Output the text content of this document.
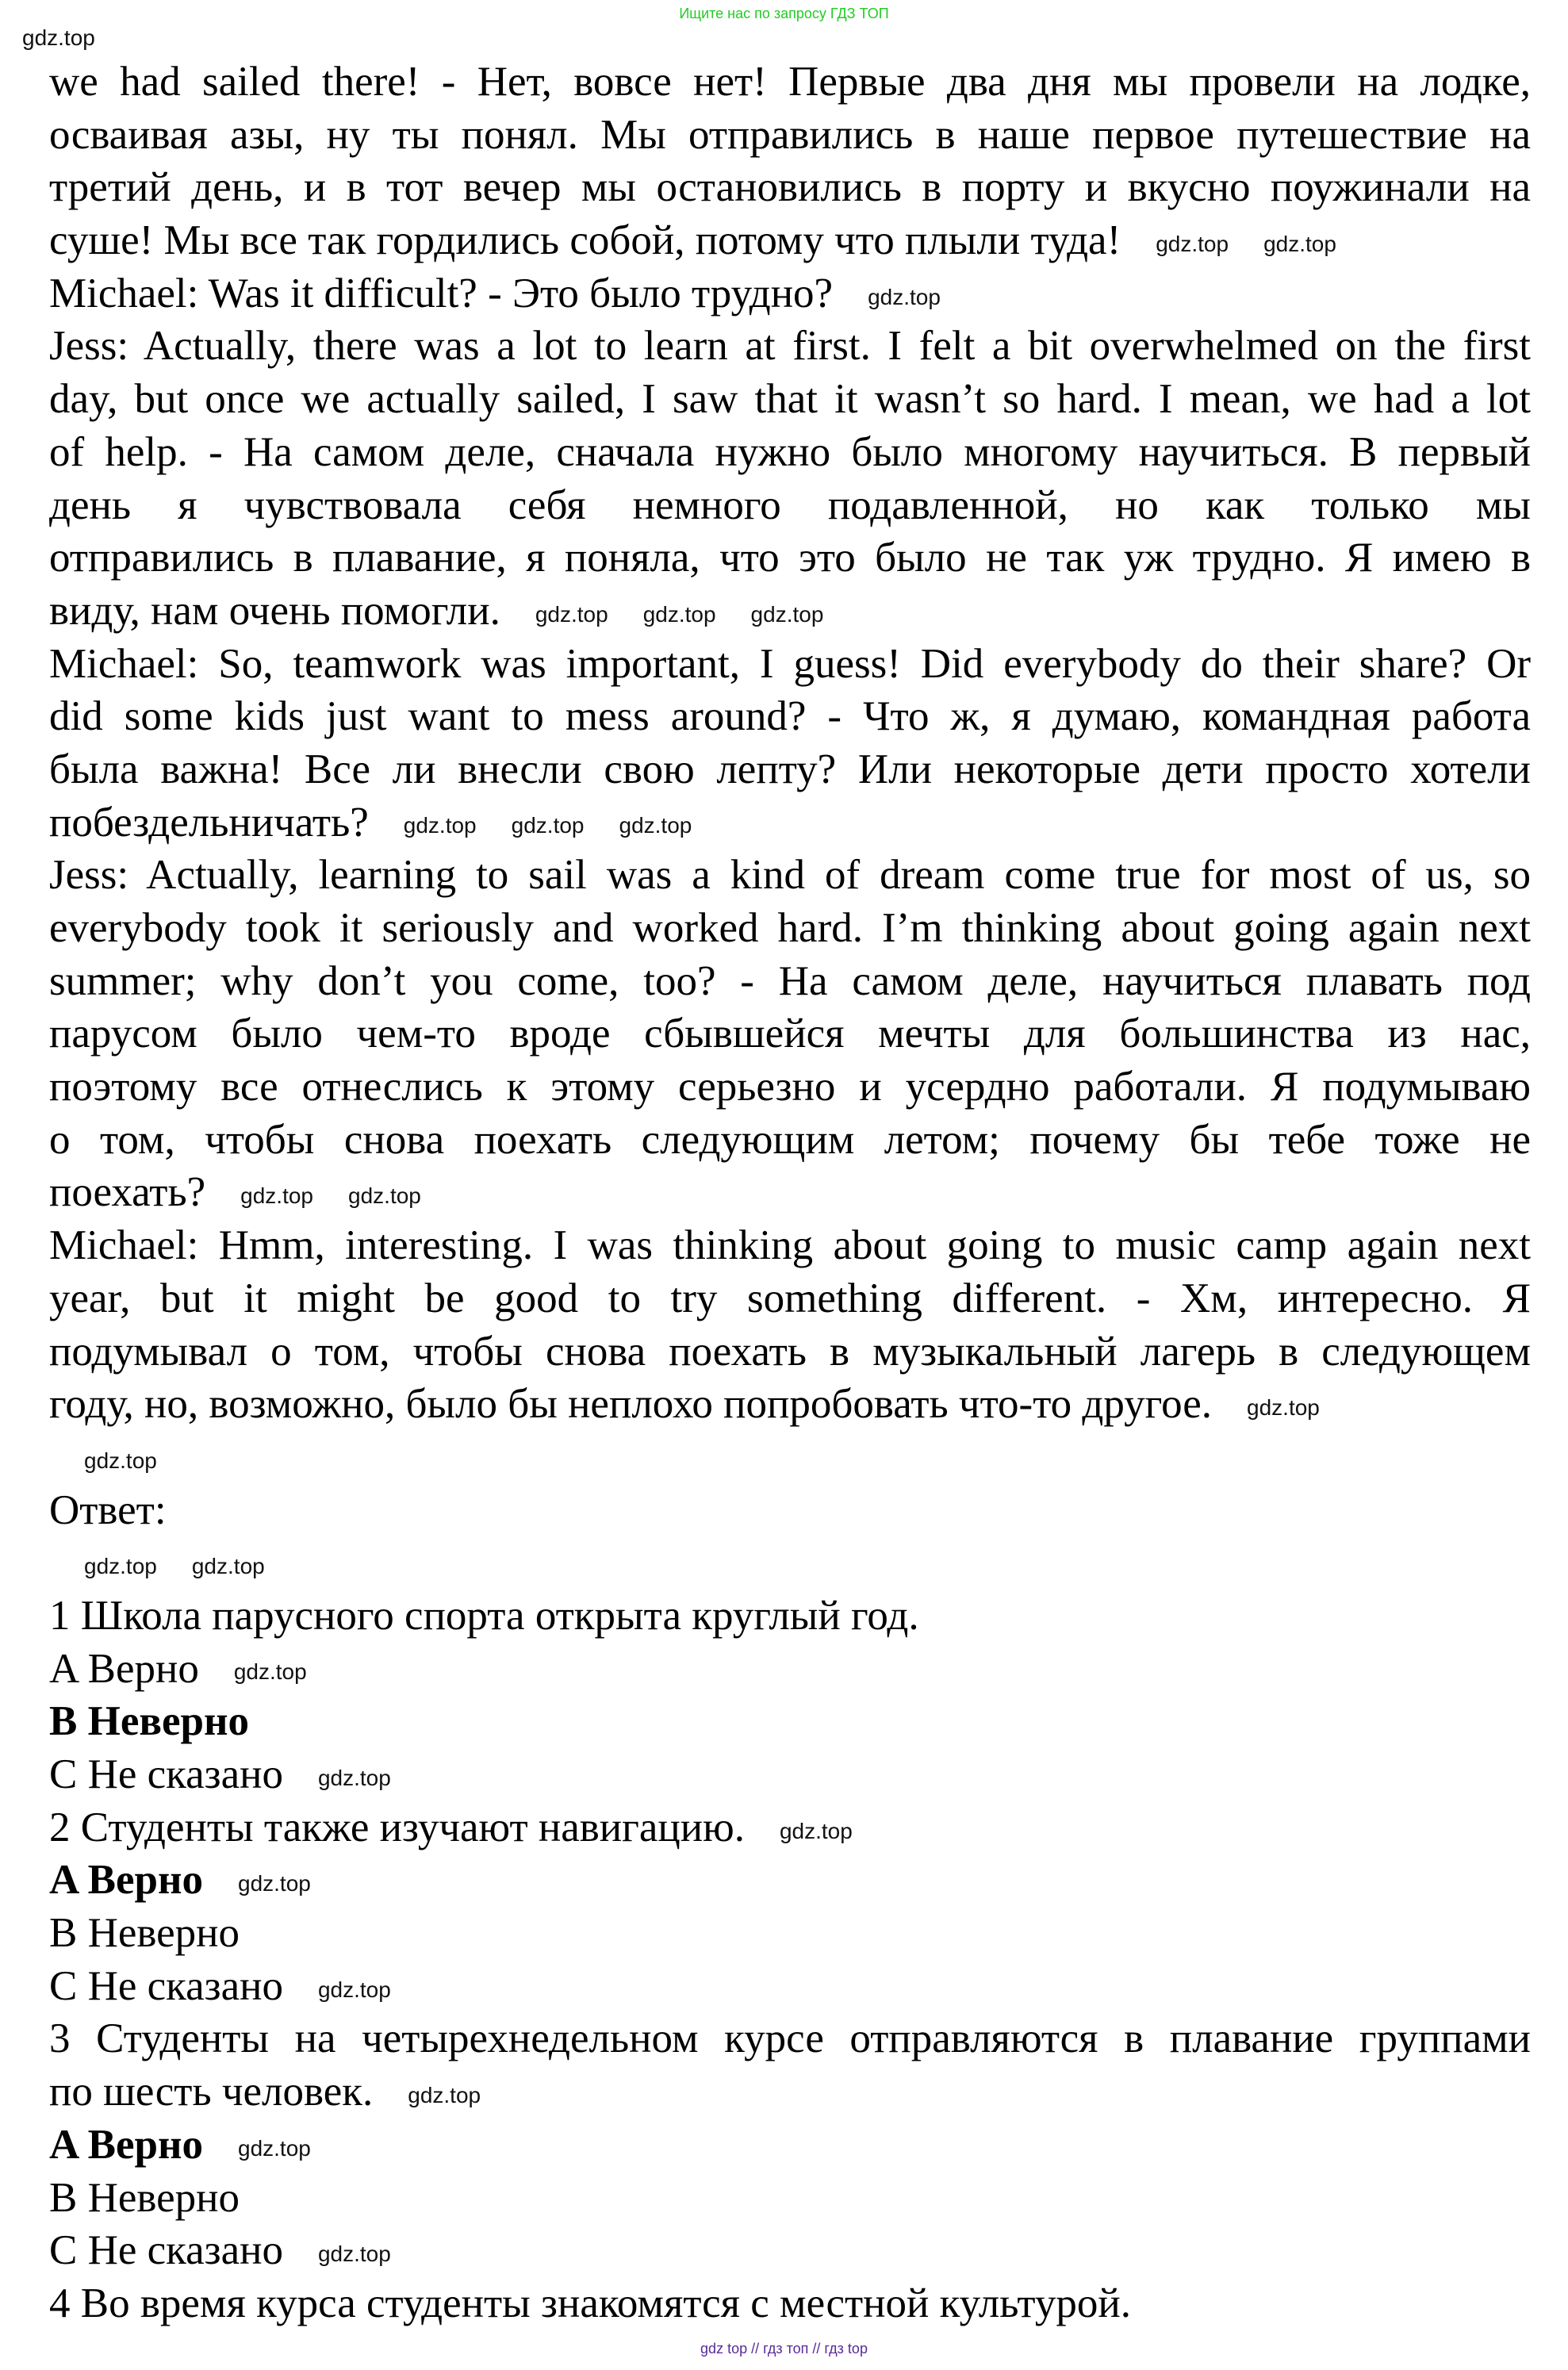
Ищите нас по запросу ГДЗ ТОП
we had sailed there! - Нет, вовсе нет! Первые два дня мы провели на лодке,
осваивая азы, ну ты понял. Мы отправились в наше первое путешествие на
третий день, и в тот вечер мы остановились в порту и вкусно поужинали на
суше! Мы все так гордились собой, потому что плыли туда! gdz.top gdz.top
Michael: Was it difficult? - Это было трудно? gdz.top
Jess: Actually, there was a lot to learn at first. I felt a bit overwhelmed on the first
day, but once we actually sailed, I saw that it wasn’t so hard. I mean, we had a lot
of help. - На самом деле, сначала нужно было многому научиться. В первый
день я чувствовала себя немного подавленной, но как только мы
отправились в плавание, я поняла, что это было не так уж трудно. Я имею в
виду, нам очень помогли. gdz.top gdz.top gdz.top
Michael: So, teamwork was important, I guess! Did everybody do their share? Or
did some kids just want to mess around? - Что ж, я думаю, командная работа
была важна! Все ли внесли свою лепту? Или некоторые дети просто хотели
побездельничать? gdz.top gdz.top gdz.top
Jess: Actually, learning to sail was a kind of dream come true for most of us, so
everybody took it seriously and worked hard. I’m thinking about going again next
summer; why don’t you come, too? - На самом деле, научиться плавать под
парусом было чем-то вроде сбывшейся мечты для большинства из нас,
поэтому все отнеслись к этому серьезно и усердно работали. Я подумываю
о том, чтобы снова поехать следующим летом; почему бы тебе тоже не
поехать? gdz.top gdz.top
Michael: Hmm, interesting. I was thinking about going to music camp again next
year, but it might be good to try something different. - Хм, интересно. Я
подумывал о том, чтобы снова поехать в музыкальный лагерь в следующем
году, но, возможно, было бы неплохо попробовать что-то другое. gdz.top
gdz.top
Ответ:
gdz.top gdz.top
1 Школа парусного спорта открыта круглый год.
A Верно gdz.top
B Неверно
C Не сказано gdz.top
2 Студенты также изучают навигацию. gdz.top
A Верно gdz.top
B Неверно
C Не сказано gdz.top
3 Студенты на четырехнедельном курсе отправляются в плавание группами
по шесть человек. gdz.top
A Верно gdz.top
B Неверно
C Не сказано gdz.top
4 Во время курса студенты знакомятся с местной культурой.
gdz top // гдз топ // гдз top
gdz.top
